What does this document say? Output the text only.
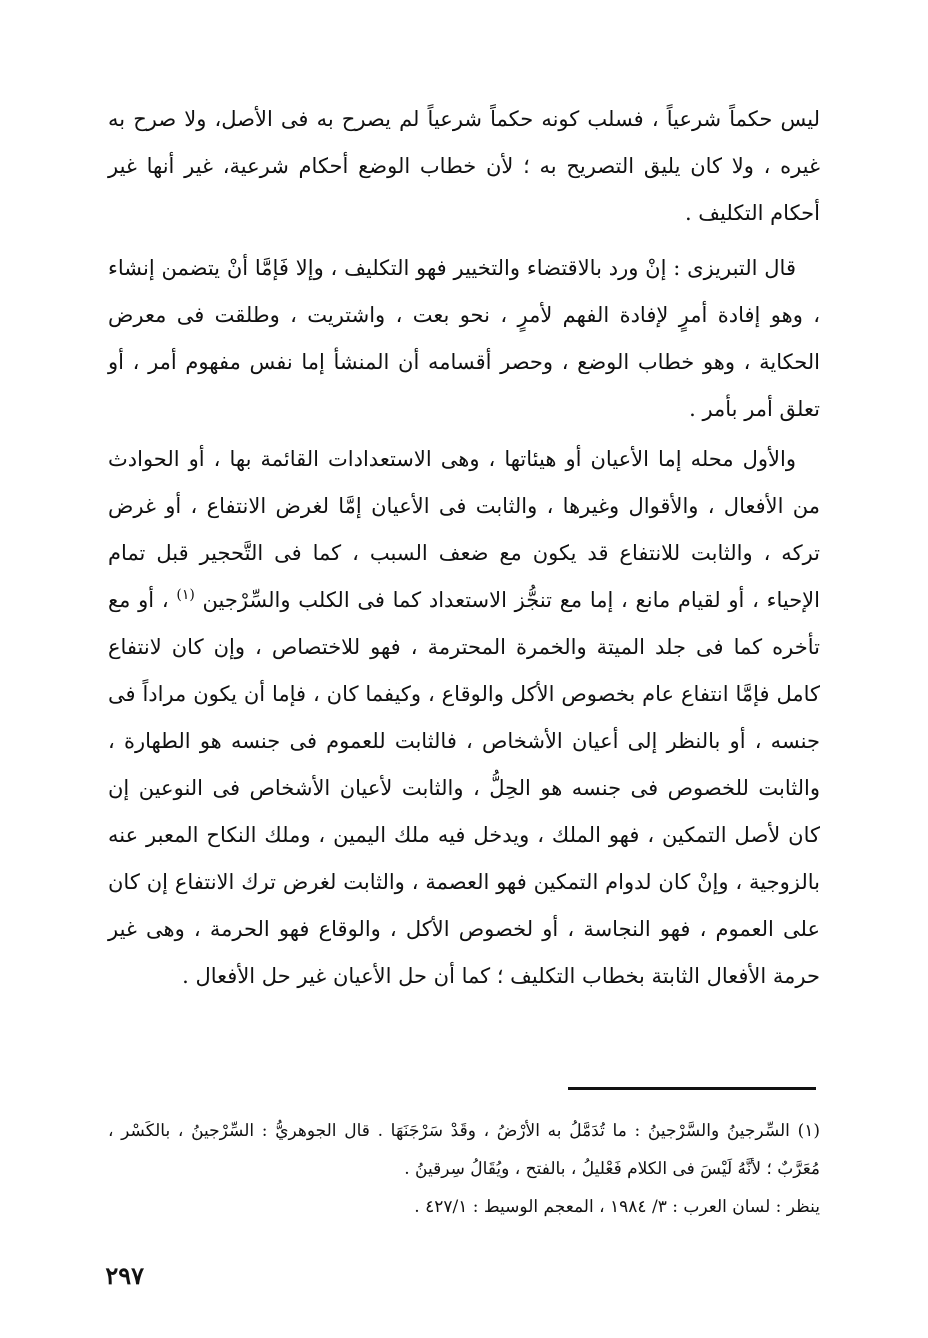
ليس حكماً شرعياً ، فسلب كونه حكماً شرعياً لم يصرح به فى الأصل، ولا صرح به غيره ، ولا كان يليق التصريح به ؛ لأن خطاب الوضع أحكام شرعية، غير أنها غير أحكام التكليف .

قال التبريزى : إنْ ورد بالاقتضاء والتخيير فهو التكليف ، وإلا فَإمَّا أنْ يتضمن إنشاء ، وهو إفادة أمرٍ لإفادة الفهم لأمرٍ ، نحو بعت ، واشتريت ، وطلقت فى معرض الحكاية ، وهو خطاب الوضع ، وحصر أقسامه أن المنشأ إما نفس مفهوم أمر ، أو تعلق أمر بأمر .

والأول محله إما الأعيان أو هيئاتها ، وهى الاستعدادات القائمة بها ، أو الحوادث من الأفعال ، والأقوال وغيرها ، والثابت فى الأعيان إمَّا لغرض الانتفاع ، أو غرض تركه ، والثابت للانتفاع قد يكون مع ضعف السبب ، كما فى التَّحجير قبل تمام الإحياء ، أو لقيام مانع ، إما مع تنجُّز الاستعداد كما فى الكلب والسِّرْجين $^{(١)}$ ، أو مع تأخره كما فى جلد الميتة والخمرة المحترمة ، فهو للاختصاص ، وإن كان لانتفاع كامل فإمَّا انتفاع عام بخصوص الأكل والوقاع ، وكيفما كان ، فإما أن يكون مراداً فى جنسه ، أو بالنظر إلى أعيان الأشخاص ، فالثابت للعموم فى جنسه هو الطهارة ، والثابت للخصوص فى جنسه هو الحِلُّ ، والثابت لأعيان الأشخاص فى النوعين إن كان لأصل التمكين ، فهو الملك ، ويدخل فيه ملك اليمين ، وملك النكاح المعبر عنه بالزوجية ، وإنْ كان لدوام التمكين فهو العصمة ، والثابت لغرض ترك الانتفاع إن كان على العموم ، فهو النجاسة ، أو لخصوص الأكل ، والوقاع فهو الحرمة ، وهى غير حرمة الأفعال الثابتة بخطاب التكليف ؛ كما أن حل الأعيان غير حل الأفعال .

(١) السِّرجينُ والسَّرْجينُ : ما تُدَمَّلُ به الأرْضُ ، وقَدْ سَرْجَنَهَا . قال الجوهريُّ : السِّرْجينُ ، بالكَسْر ، مُعَرَّبٌ ؛ لأنَّهُ لَيْسَ فى الكلام فَعْليلُ ، بالفتح ، ويُقَالُ سِرقينُ .

ينظر : لسان العرب : ٣/ ١٩٨٤ ، المعجم الوسيط : ٤٢٧/١ .

٢٩٧
